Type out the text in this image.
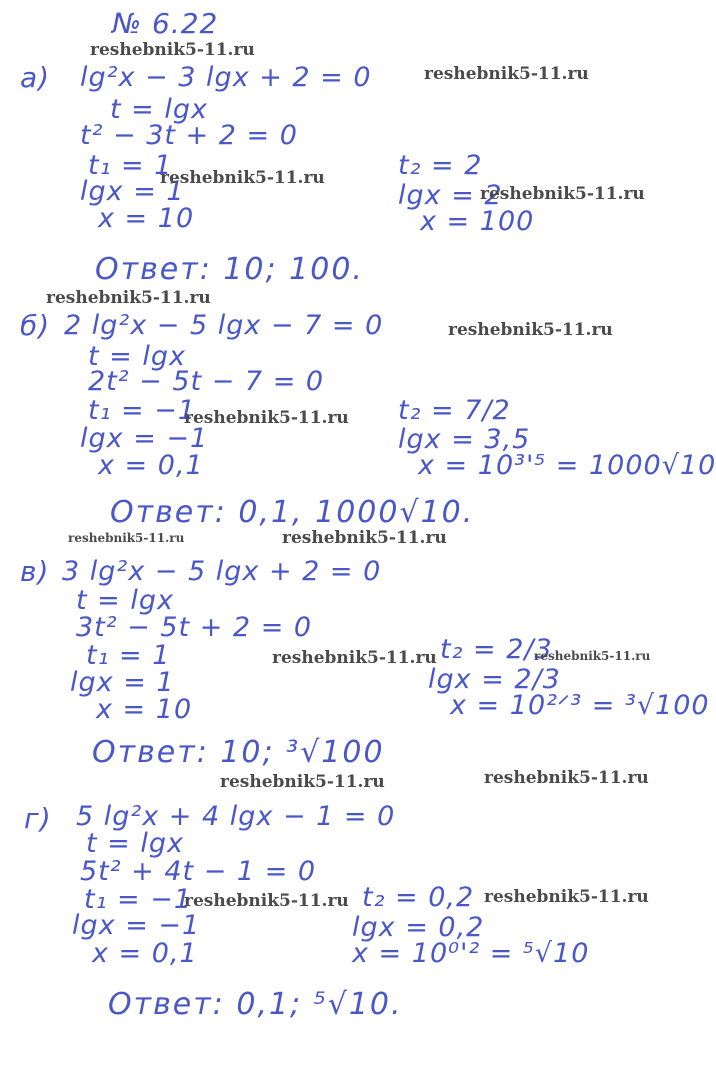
№ 6.22
а) lg²x − 3 lgx + 2 = 0
t = lgx
t² − 3t + 2 = 0
t₁ = 1
lgx = 1
x = 10
t₂ = 2
lgx = 2
x = 100
Ответ: 10; 100.
б) 2 lg²x − 5 lgx − 7 = 0
t = lgx
2t² − 5t − 7 = 0
t₁ = −1
lgx = −1
x = 0,1
t₂ = 7/2
lgx = 3,5
x = 10³'⁵ = 1000√10
Ответ: 0,1, 1000√10.
в) 3 lg²x − 5 lgx + 2 = 0
t = lgx
3t² − 5t + 2 = 0
t₁ = 1
lgx = 1
x = 10
t₂ = 2/3
lgx = 2/3
x = 10²ᐟ³ = ³√100
Ответ: 10; ³√100
г) 5 lg²x + 4 lgx − 1 = 0
t = lgx
5t² + 4t − 1 = 0
t₁ = −1
lgx = −1
x = 0,1
t₂ = 0,2
lgx = 0,2
x = 10⁰'² = ⁵√10
Ответ: 0,1; ⁵√10.
reshebnik5-11.ru
reshebnik5-11.ru
reshebnik5-11.ru
reshebnik5-11.ru
reshebnik5-11.ru
reshebnik5-11.ru
reshebnik5-11.ru
reshebnik5-11.ru	reshebnik5-11.ru
reshebnik5-11.ru	reshebnik5-11.ru
reshebnik5-11.ru	reshebnik5-11.ru
reshebnik5-11.ru	reshebnik5-11.ru
